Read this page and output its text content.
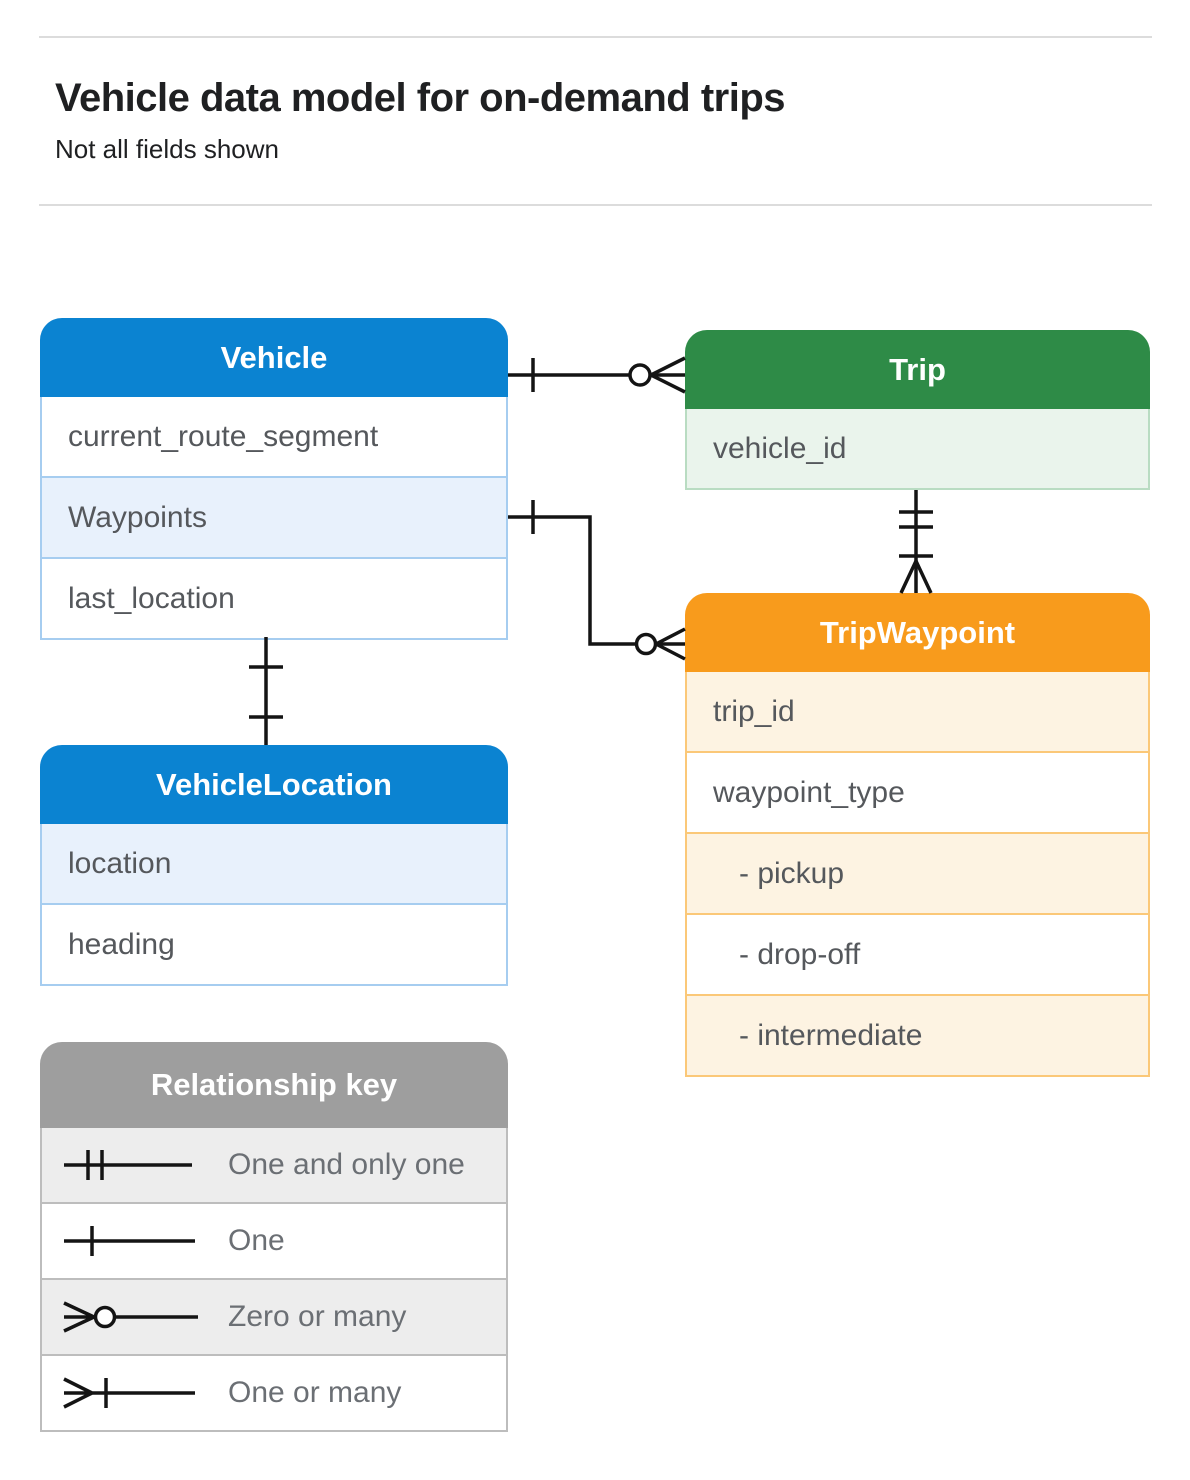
Vehicle data model for on-demand trips
Not all fields shown
Vehicle
current_route_segment
Waypoints
last_location
Trip
vehicle_id
TripWaypoint
trip_id
waypoint_type
- pickup
- drop-off
- intermediate
VehicleLocation
location
heading
Relationship key
One and only one
One
Zero or many
One or many
